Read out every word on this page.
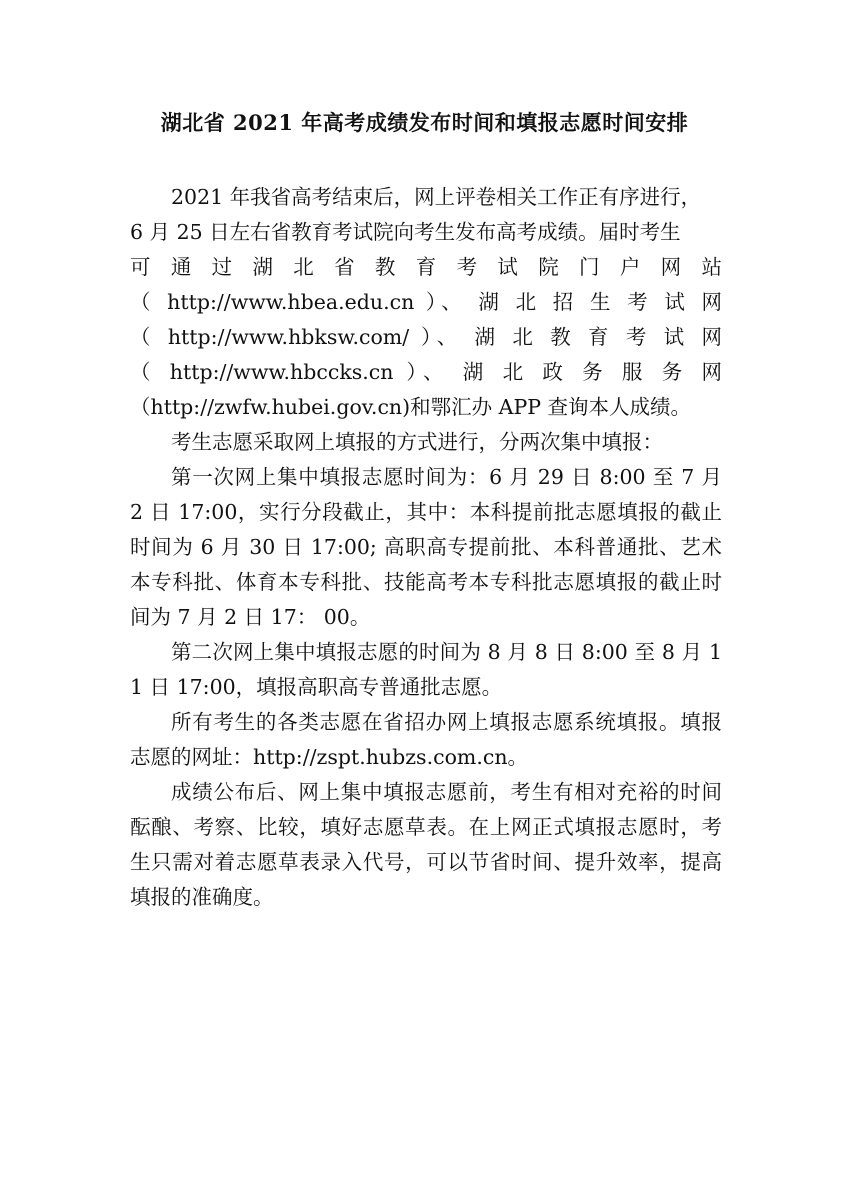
湖北省 2021 年高考成绩发布时间和填报志愿时间安排
2021 年我省高考结束后，网上评卷相关工作正有序进行，
6 月 25 日左右省教育考试院向考生发布高考成绩。届时考生
可 通 过 湖 北 省 教 育 考 试 院 门 户 网 站
（ http://www.hbea.edu.cn ）、 湖 北 招 生 考 试 网
（ http://www.hbksw.com/ ）、 湖 北 教 育 考 试 网
（ http://www.hbccks.cn ）、 湖 北 政 务 服 务 网
（http://zwfw.hubei.gov.cn)和鄂汇办 APP 查询本人成绩。

考生志愿采取网上填报的方式进行，分两次集中填报：

第一次网上集中填报志愿时间为：6 月 29 日 8:00 至 7 月 2 日 17:00，实行分段截止，其中：本科提前批志愿填报的截止时间为 6 月 30 日 17:00; 高职高专提前批、本科普通批、艺术本专科批、体育本专科批、技能高考本专科批志愿填报的截止时间为 7 月 2 日 17： 00。

第二次网上集中填报志愿的时间为 8 月 8 日 8:00 至 8 月 11 日 17:00，填报高职高专普通批志愿。

所有考生的各类志愿在省招办网上填报志愿系统填报。填报志愿的网址：http://zspt.hubzs.com.cn。

成绩公布后、网上集中填报志愿前，考生有相对充裕的时间酝酿、考察、比较，填好志愿草表。在上网正式填报志愿时，考生只需对着志愿草表录入代号，可以节省时间、提升效率，提高填报的准确度。
